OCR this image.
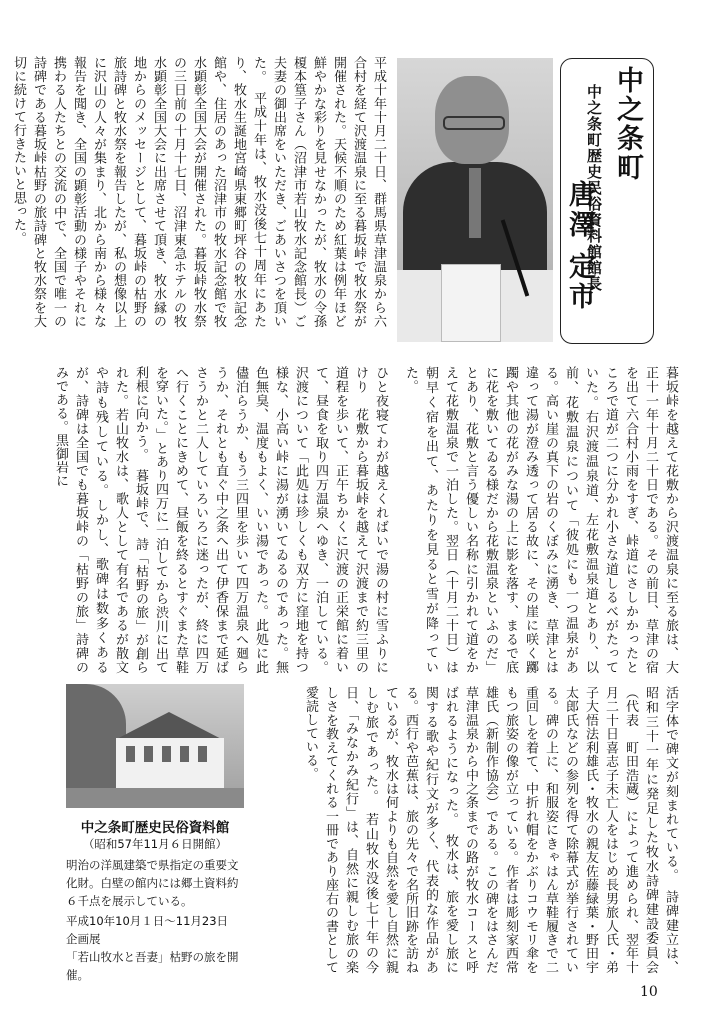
中之条町
中之条町歴史民俗資料館館長
唐澤 定市
平成十年十月二十日、群馬県草津温泉から六合村を経て沢渡温泉に至る暮坂峠で牧水祭が開催された。天候不順のため紅葉は例年ほど鮮やかな彩りを見せなかったが、牧水の令孫榎本篁子さん（沼津市若山牧水記念館長）ご夫妻の御出席をいただき、ごあいさつを頂いた。　平成十年は、牧水没後七十周年にあたり、牧水生誕地宮崎県東郷町坪谷の牧水記念館や、住居のあった沼津市の牧水記念館で牧水顕彰全国大会が開催された。暮坂峠牧水祭の三日前の十月十七日、沼津東急ホテルの牧水顕彰全国大会に出席させて頂き、牧水縁の地からのメッセージとして、暮坂峠の枯野の旅詩碑と牧水祭を報告したが、私の想像以上に沢山の人々が集まり、北から南から様々な報告を聞き、全国の顕彰活動の様子やそれに携わる人たちとの交流の中で、全国で唯一の詩碑である暮坂峠枯野の旅詩碑と牧水祭を大切に続けて行きたいと思った。
暮坂峠を越えて花敷から沢渡温泉に至る旅は、大正十一年十月二十日である。その前日、草津の宿を出て六合村小雨をすぎ、峠道にさしかかったところで道が二つに分かれ小さな道しるべがたっていた。右沢渡温泉道、左花敷温泉道とあり、以前、花敷温泉について「彼処にも一つ温泉がある。高い崖の真下の岩のくぼみに湧き、草津とは違って湯が澄み透って居る故に、その崖に咲く躑躅や其他の花がみな湯の上に影を落す、まるで底に花を敷いてゐる様だから花敷温泉といふのだ」とあり、花敷と言う優しい名称に引かれて道をかえて花敷温泉で一泊した。翌日（十月二十日）は朝早く宿を出て、あたりを見ると雪が降っていた。
ひと夜寝てわが越えくればいで湯の村に雪ふりにけり　花敷から暮坂峠を越えて沢渡まで約三里の道程を歩いて、正午ちかくに沢渡の正栄館に着いて、昼食を取り四万温泉へゆき、一泊している。沢渡について「此処は珍しくも双方に窪地を持つ様な、小高い峠に湯が湧いてゐるのであった。無色無臭、温度もよく、いい湯であった。此処に此儘泊らうか、もう三四里を歩いて四万温泉へ廻らうか、それとも直ぐ中之条へ出て伊香保まで延ばさうかと二人していろいろに迷ったが、終に四万へ行くことにきめて、昼飯を終るとすぐまた草鞋を穿いた。」とあり四万に一泊してから渋川に出て利根に向かう。　暮坂峠で、詩「枯野の旅」が創られた。若山牧水は、歌人として有名であるが散文や詩も残している。しかし、歌碑は数多くあるが、詩碑は全国でも暮坂峠の「枯野の旅」詩碑のみである。黒御岩に
活字体で碑文が刻まれている。　詩碑建立は、昭和三十一年に発足した牧水詩碑建設委員会（代表　町田浩蔵）によって進められ、翌年十月二十日喜志子未亡人をはじめ長男旅人氏・弟子大悟法利雄氏・牧水の親友佐藤緑葉・野田宇太郎氏などの参列を得て除幕式が挙行されている。碑の上に、和服姿にきゃはん草鞋履きで二重回しを着て、中折れ帽をかぶりコウモリ傘をもつ旅姿の像が立っている。作者は彫刻家西常雄氏（新制作協会）である。この碑をはさんだ草津温泉から中之条までの路が牧水コースと呼ばれるようになった。　牧水は、旅を愛し旅に関する歌や紀行文が多く、代表的な作品がある。西行や芭蕉は、旅の先々で名所旧跡を訪ねているが、牧水は何よりも自然を愛し自然に親しむ旅であった。　若山牧水没後七十年の今日、「みなかみ紀行」は、自然に親しむ旅の楽しさを教えてくれる一冊であり座右の書として愛読している。
中之条町歴史民俗資料館
（昭和57年11月６日開館）
明治の洋風建築で県指定の重要文化財。白壁の館内には郷土資料約６千点を展示している。
平成10年10月１日～11月23日　企画展
「若山牧水と吾妻」枯野の旅を開催。
10
